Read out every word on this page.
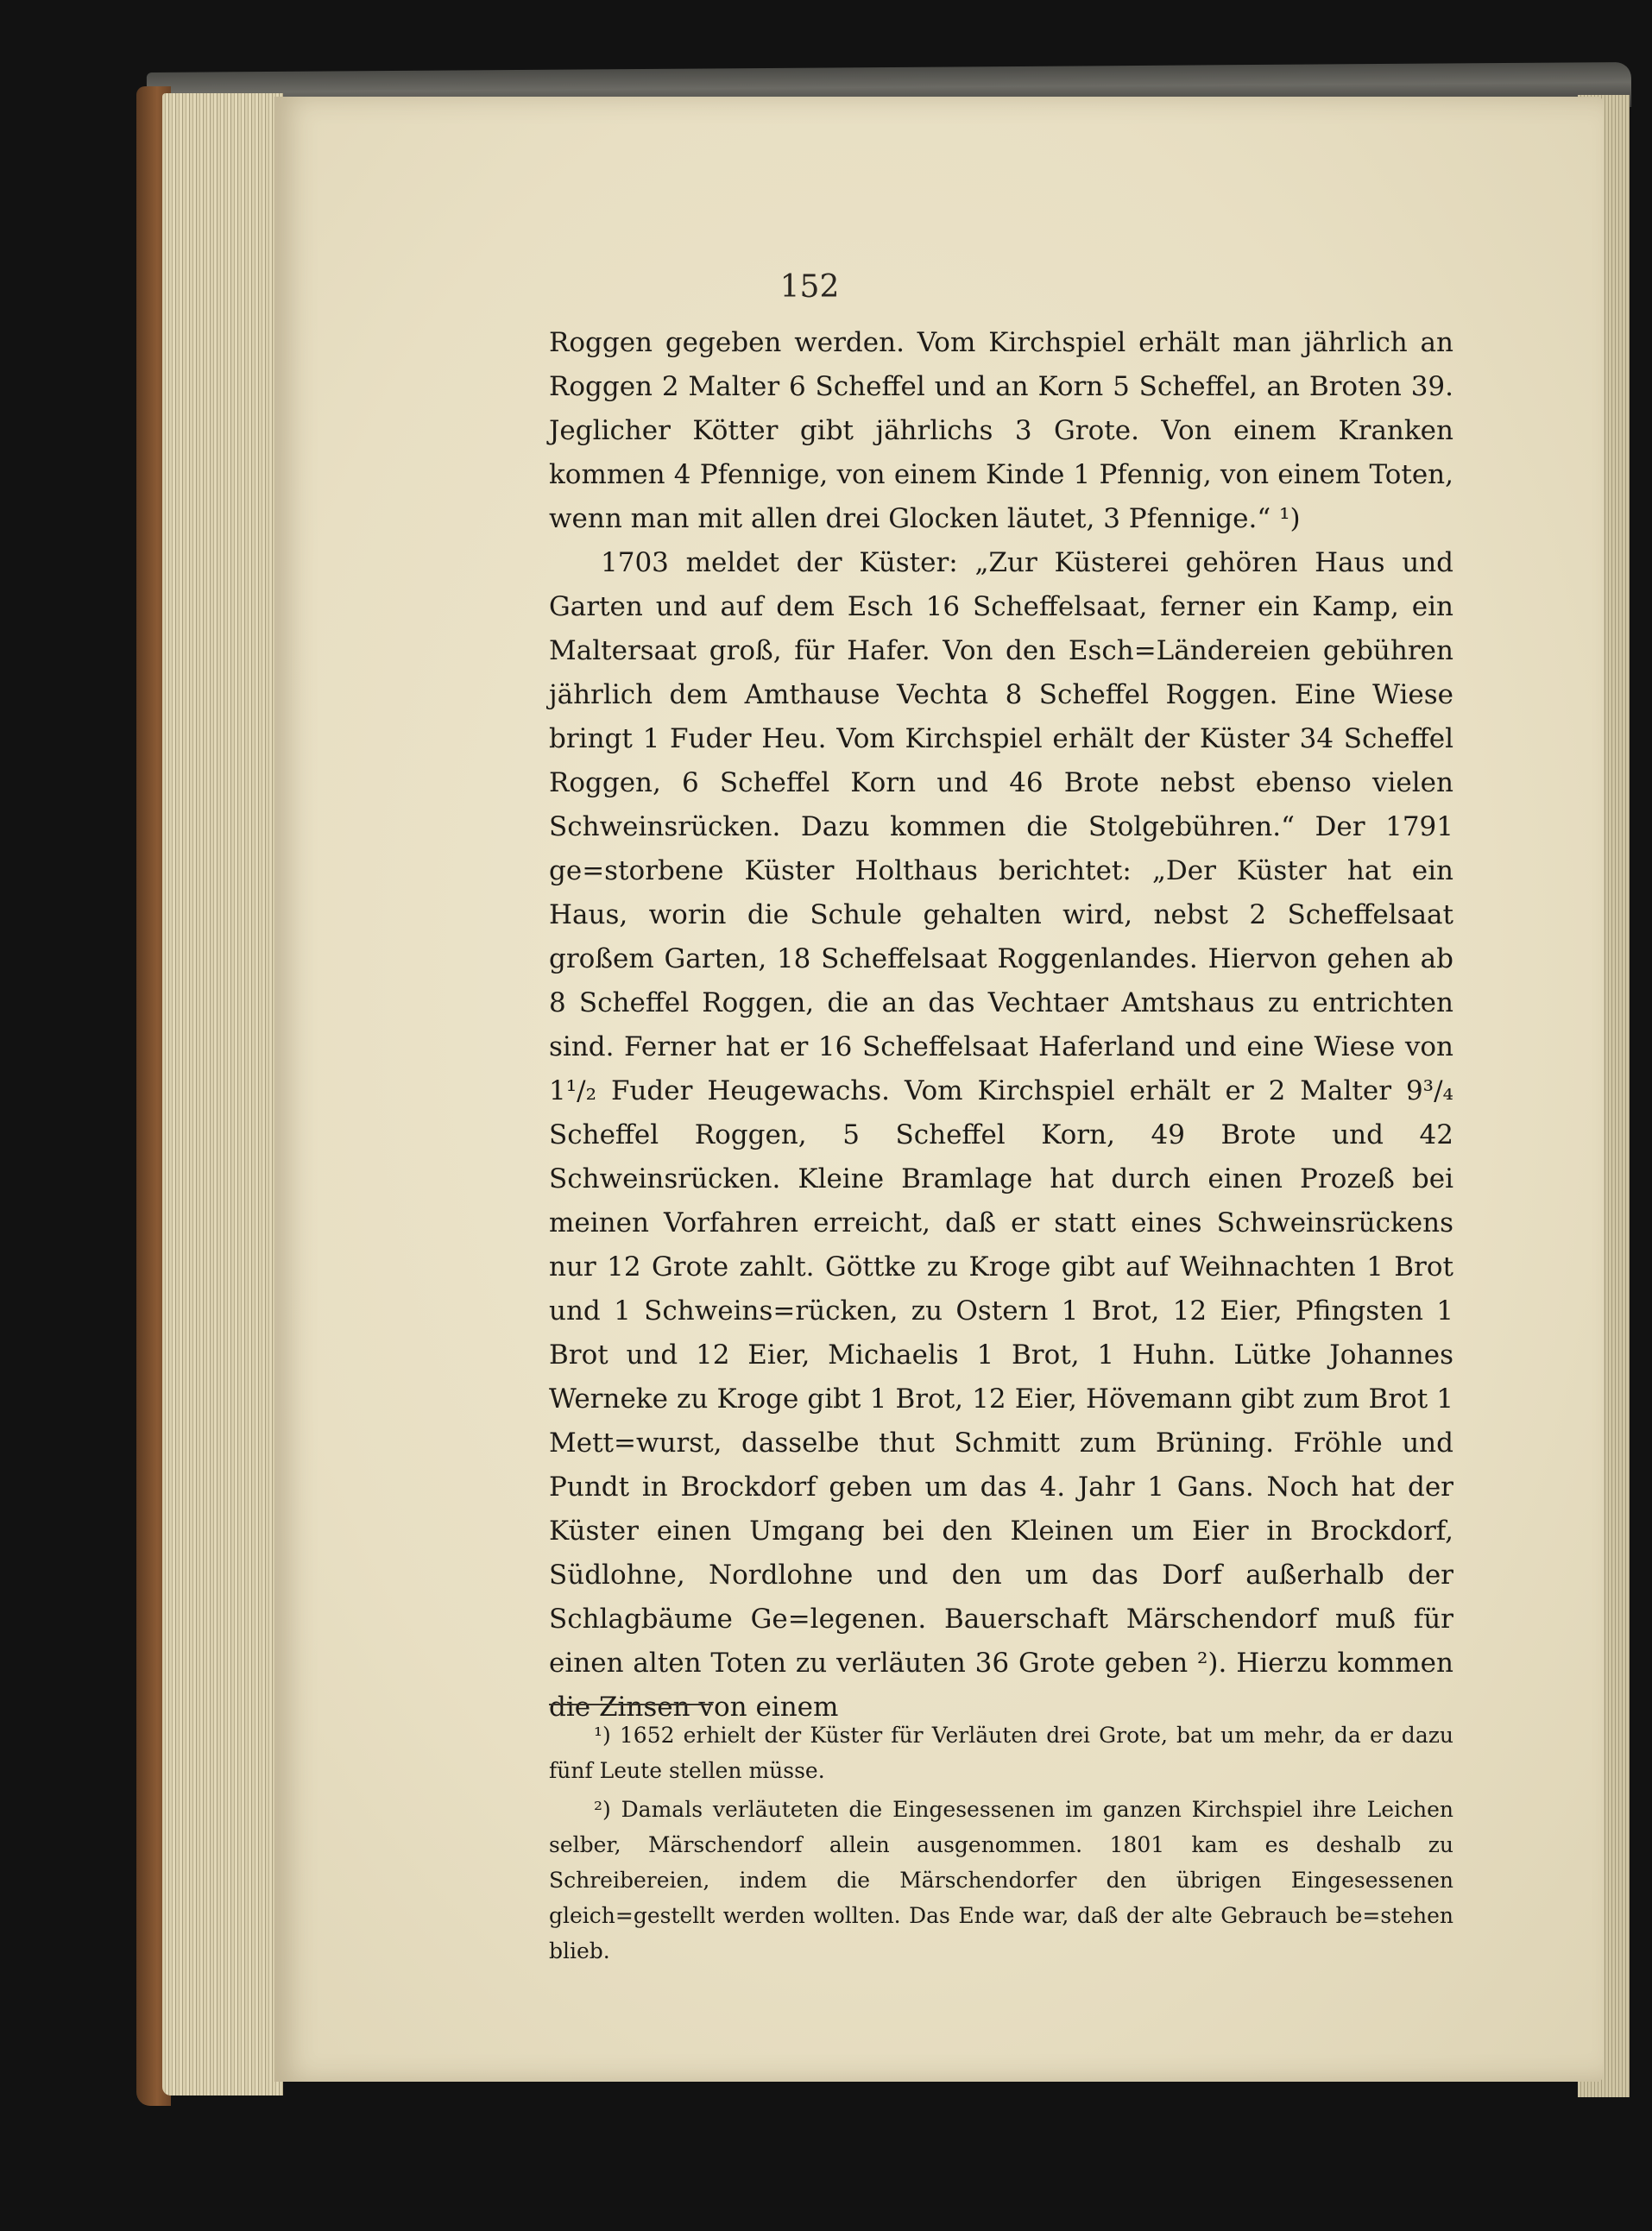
152

Roggen gegeben werden. Vom Kirchspiel erhält man jährlich an Roggen 2 Malter 6 Scheffel und an Korn 5 Scheffel, an Broten 39. Jeglicher Kötter gibt jährlichs 3 Grote. Von einem Kranken kommen 4 Pfennige, von einem Kinde 1 Pfennig, von einem Toten, wenn man mit allen drei Glocken läutet, 3 Pfennige.“ ¹)

1703 meldet der Küster: „Zur Küsterei gehören Haus und Garten und auf dem Esch 16 Scheffelsaat, ferner ein Kamp, ein Maltersaat groß, für Hafer. Von den Esch=Ländereien gebühren jährlich dem Amthause Vechta 8 Scheffel Roggen. Eine Wiese bringt 1 Fuder Heu. Vom Kirchspiel erhält der Küster 34 Scheffel Roggen, 6 Scheffel Korn und 46 Brote nebst ebenso vielen Schweinsrücken. Dazu kommen die Stolgebühren.“ Der 1791 ge=storbene Küster Holthaus berichtet: „Der Küster hat ein Haus, worin die Schule gehalten wird, nebst 2 Scheffelsaat großem Garten, 18 Scheffelsaat Roggenlandes. Hiervon gehen ab 8 Scheffel Roggen, die an das Vechtaer Amtshaus zu entrichten sind. Ferner hat er 16 Scheffelsaat Haferland und eine Wiese von 1¹/₂ Fuder Heugewachs. Vom Kirchspiel erhält er 2 Malter 9³/₄ Scheffel Roggen, 5 Scheffel Korn, 49 Brote und 42 Schweinsrücken. Kleine Bramlage hat durch einen Prozeß bei meinen Vorfahren erreicht, daß er statt eines Schweinsrückens nur 12 Grote zahlt. Göttke zu Kroge gibt auf Weihnachten 1 Brot und 1 Schweins=rücken, zu Ostern 1 Brot, 12 Eier, Pfingsten 1 Brot und 12 Eier, Michaelis 1 Brot, 1 Huhn. Lütke Johannes Werneke zu Kroge gibt 1 Brot, 12 Eier, Hövemann gibt zum Brot 1 Mett=wurst, dasselbe thut Schmitt zum Brüning. Fröhle und Pundt in Brockdorf geben um das 4. Jahr 1 Gans. Noch hat der Küster einen Umgang bei den Kleinen um Eier in Brockdorf, Südlohne, Nordlohne und den um das Dorf außerhalb der Schlagbäume Ge=legenen. Bauerschaft Märschendorf muß für einen alten Toten zu verläuten 36 Grote geben ²). Hierzu kommen die Zinsen von einem

¹) 1652 erhielt der Küster für Verläuten drei Grote, bat um mehr, da er dazu fünf Leute stellen müsse.

²) Damals verläuteten die Eingesessenen im ganzen Kirchspiel ihre Leichen selber, Märschendorf allein ausgenommen. 1801 kam es deshalb zu Schreibereien, indem die Märschendorfer den übrigen Eingesessenen gleich=gestellt werden wollten. Das Ende war, daß der alte Gebrauch be=stehen blieb.
